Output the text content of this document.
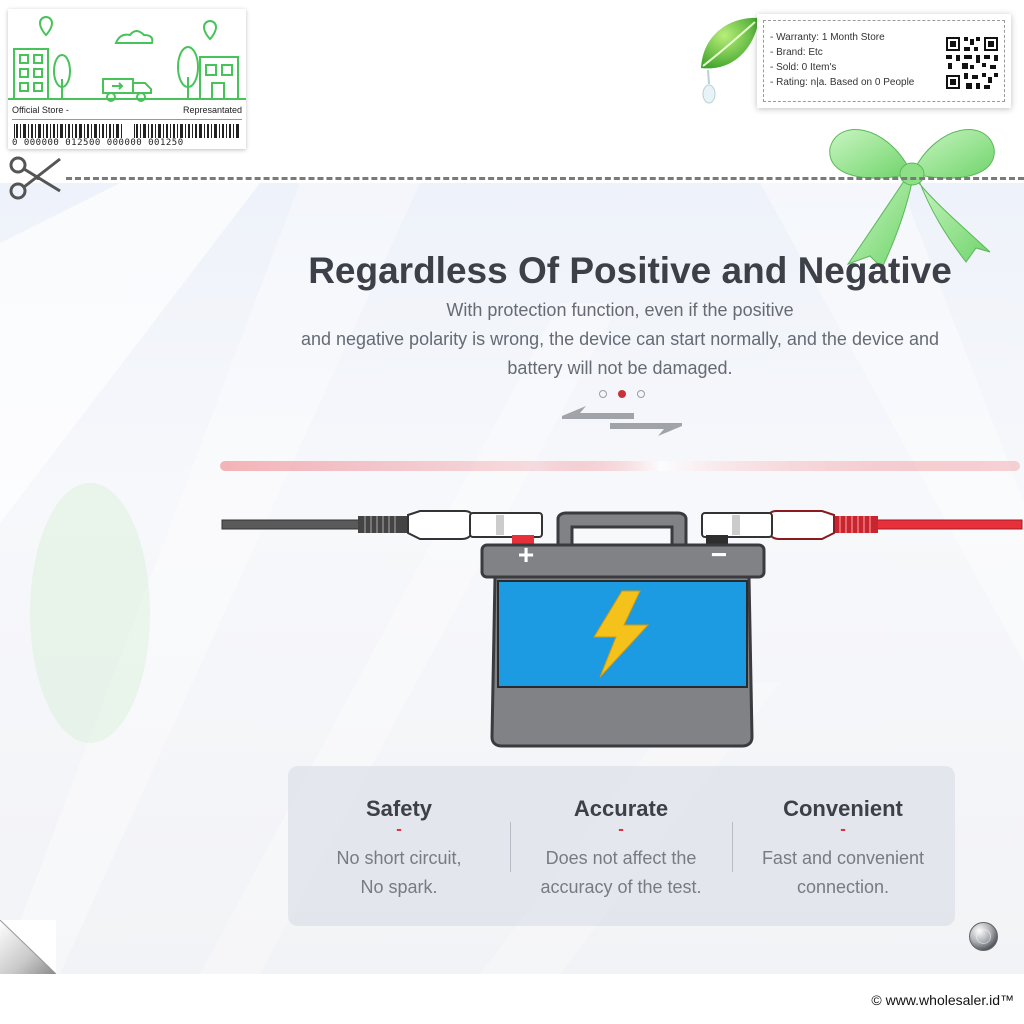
Official Store -	Represantated
0 000000 012500 000000 001250
- Warranty: 1 Month Store
- Brand: Etc
- Sold: 0 Item's
- Rating: n|a. Based on 0 People
Regardless Of Positive and Negative
With protection function, even if the positive
and negative polarity is wrong, the device can start normally, and the device and
battery will not be damaged.
+	−
Safety
-
No short circuit,
No spark.
Accurate
-
Does not affect the
accuracy of the test.
Convenient
-
Fast and convenient
connection.
© www.wholesaler.id™
